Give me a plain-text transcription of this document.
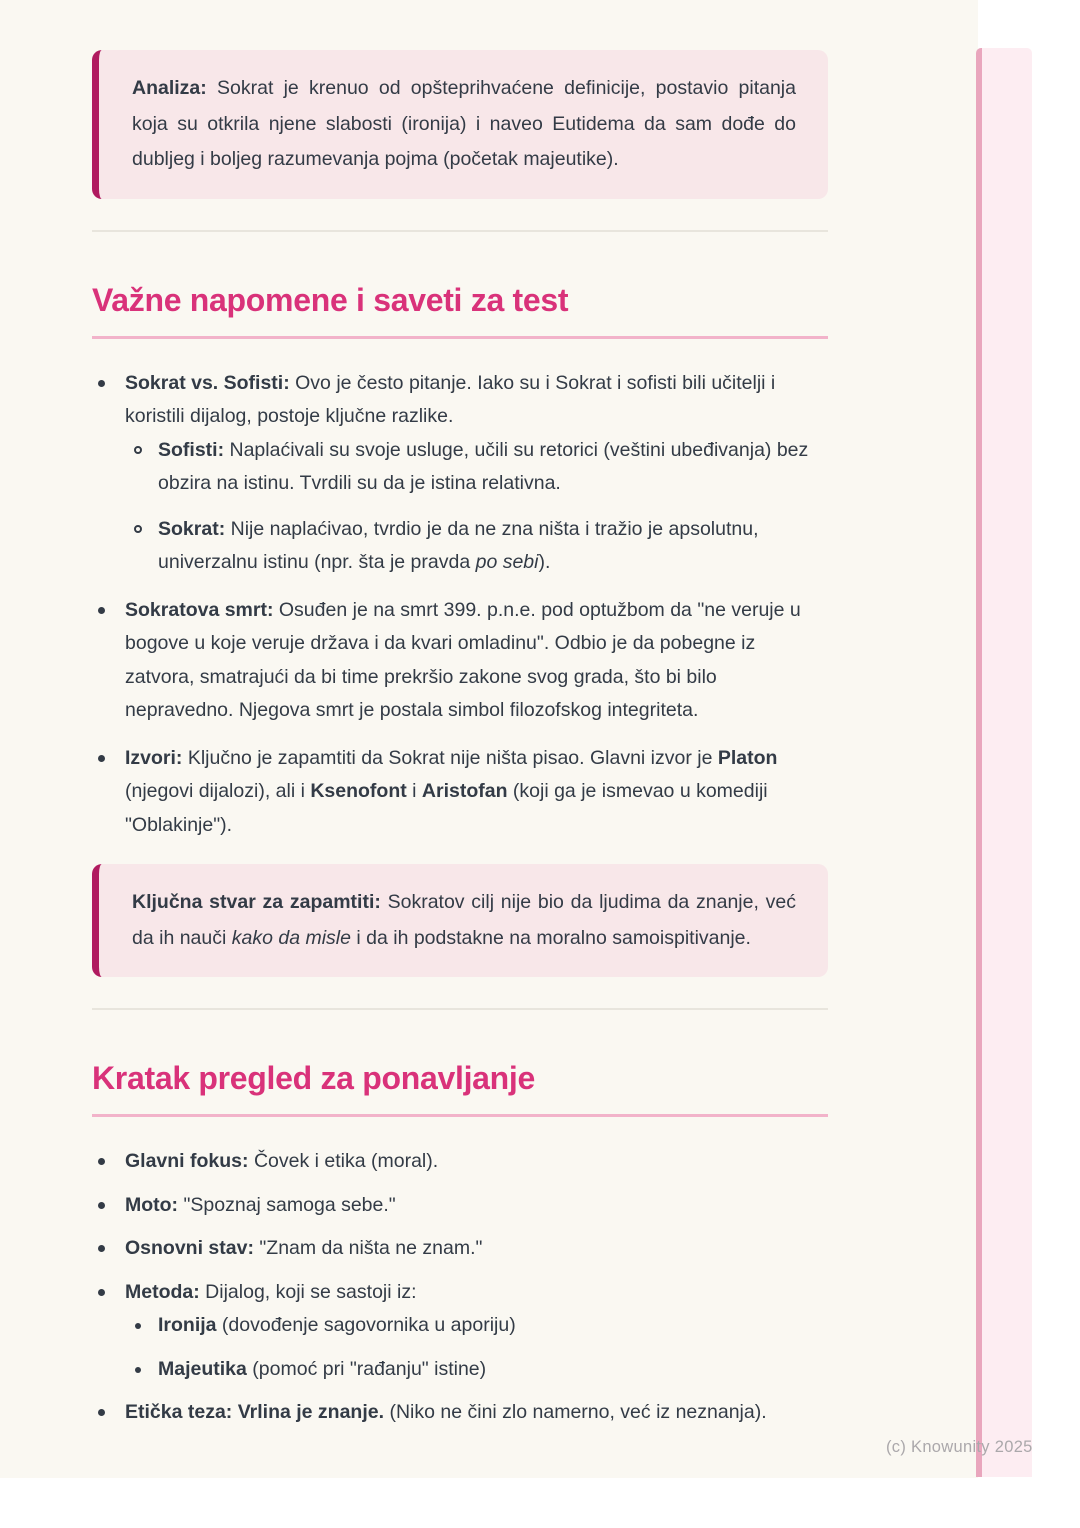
Analiza: Sokrat je krenuo od opšteprihvaćene definicije, postavio pitanja koja su otkrila njene slabosti (ironija) i naveo Eutidema da sam dođe do dubljeg i boljeg razumevanja pojma (početak majeutike).

Važne napomene i saveti za test

Sokrat vs. Sofisti: Ovo je često pitanje. Iako su i Sokrat i sofisti bili učitelji i koristili dijalog, postoje ključne razlike.

Sofisti: Naplaćivali su svoje usluge, učili su retorici (veštini ubeđivanja) bez obzira na istinu. Tvrdili su da je istina relativna.

Sokrat: Nije naplaćivao, tvrdio je da ne zna ništa i tražio je apsolutnu, univerzalnu istinu (npr. šta je pravda po sebi).

Sokratova smrt: Osuđen je na smrt 399. p.n.e. pod optužbom da "ne veruje u bogove u koje veruje država i da kvari omladinu". Odbio je da pobegne iz zatvora, smatrajući da bi time prekršio zakone svog grada, što bi bilo nepravedno. Njegova smrt je postala simbol filozofskog integriteta.

Izvori: Ključno je zapamtiti da Sokrat nije ništa pisao. Glavni izvor je Platon (njegovi dijalozi), ali i Ksenofont i Aristofan (koji ga je ismevao u komediji "Oblakinje").

Ključna stvar za zapamtiti: Sokratov cilj nije bio da ljudima da znanje, već da ih nauči kako da misle i da ih podstakne na moralno samoispitivanje.

Kratak pregled za ponavljanje

Glavni fokus: Čovek i etika (moral).

Moto: "Spoznaj samoga sebe."

Osnovni stav: "Znam da ništa ne znam."

Metoda: Dijalog, koji se sastoji iz:

Ironija (dovođenje sagovornika u aporiju)

Majeutika (pomoć pri "rađanju" istine)

Etička teza: Vrlina je znanje. (Niko ne čini zlo namerno, već iz neznanja).

(c) Knowunity 2025
